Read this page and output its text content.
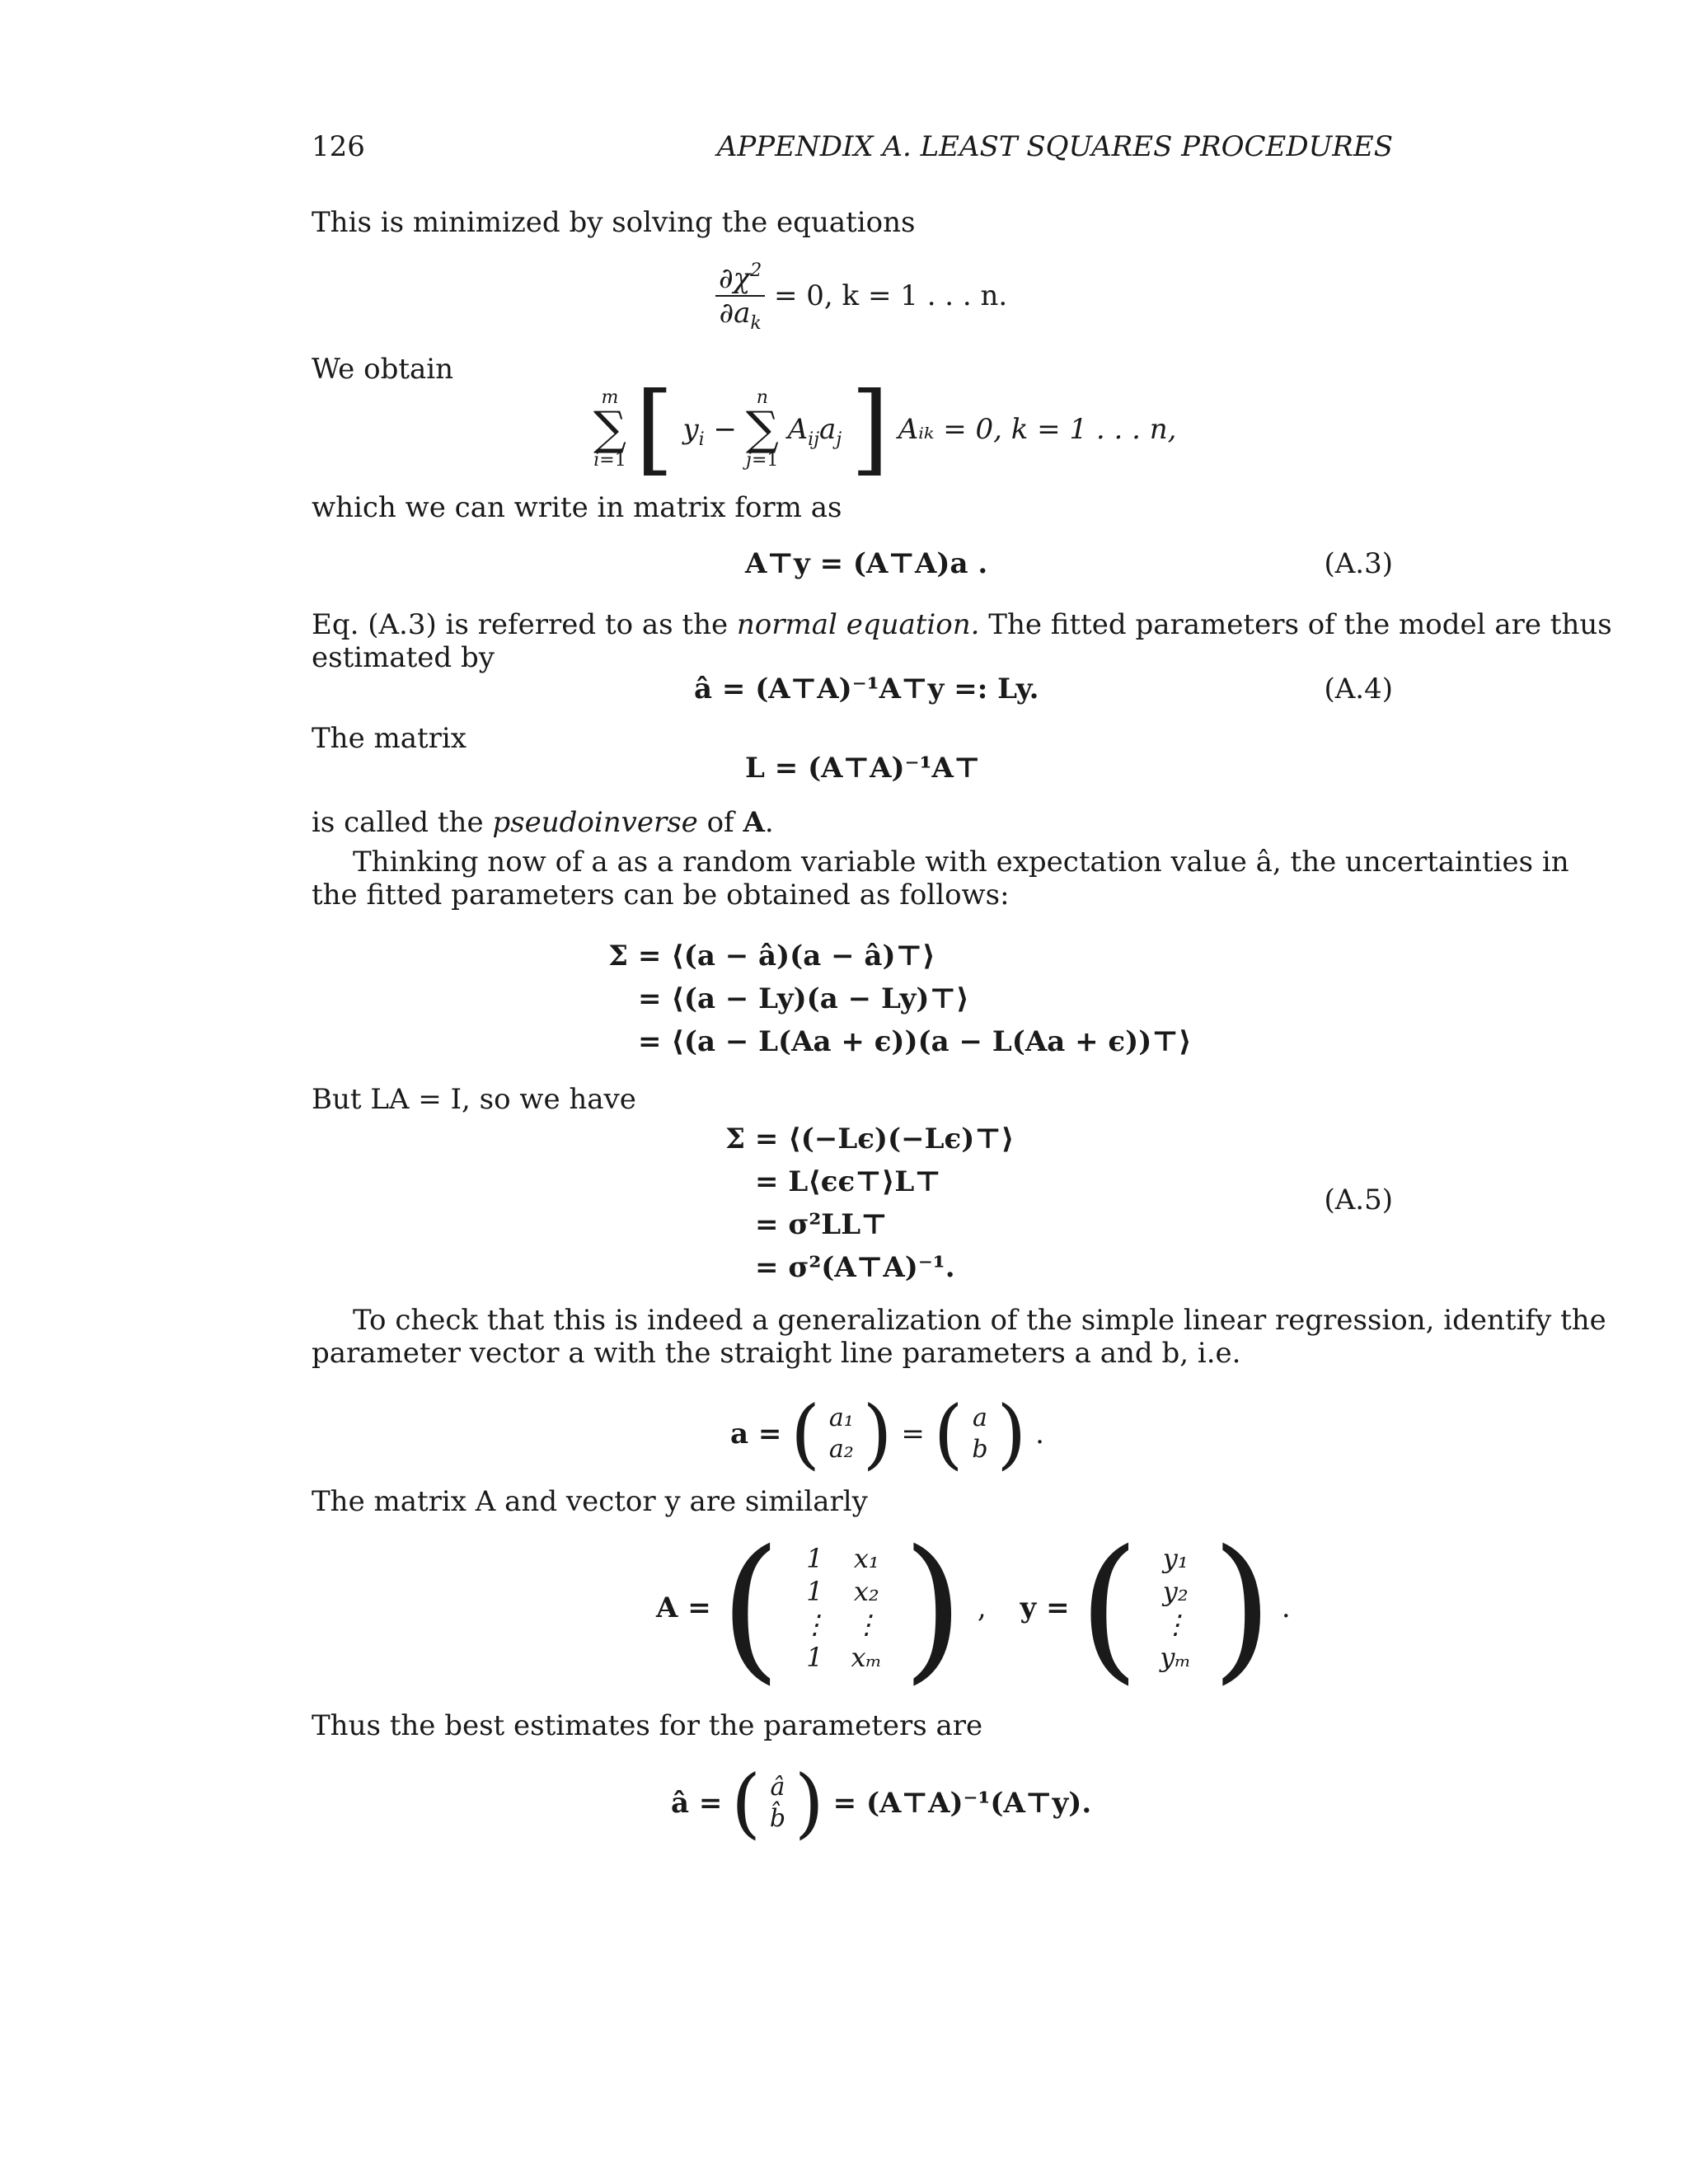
126	APPENDIX A. LEAST SQUARES PROCEDURES
This is minimized by solving the equations
$\frac{\partial\chi^2}{\partial a_k} = 0$, k = 1 . . . n.
We obtain
m
∑
i=1 [ $y_i - n$
∑
j=1 $A_{ij}a_j$ ] Aᵢₖ = 0, k = 1 . . . n,
which we can write in matrix form as
A⊤y = (A⊤A)a .	(A.3)
Eq. (A.3) is referred to as the normal equation. The fitted parameters of the model are thus
estimated by
â = (A⊤A)⁻¹A⊤y =: Ly.	(A.4)
The matrix
L = (A⊤A)⁻¹A⊤
is called the pseudoinverse of A.
Thinking now of a as a random variable with expectation value â, the uncertainties in
the fitted parameters can be obtained as follows:
Σ = ⟨(a − â)(a − â)⊤⟩
= ⟨(a − Ly)(a − Ly)⊤⟩
= ⟨(a − L(Aa + ϵ))(a − L(Aa + ϵ))⊤⟩
But LA = I, so we have
Σ = ⟨(−Lϵ)(−Lϵ)⊤⟩
= L⟨ϵϵ⊤⟩L⊤
= σ²LL⊤
= σ²(A⊤A)⁻¹.
(A.5)
To check that this is indeed a generalization of the simple linear regression, identify the
parameter vector a with the straight line parameters a and b, i.e.
a = ( a₁
a₂ ) = ( a
b ) .
The matrix A and vector y are similarly
A = ( 1	x₁
1	x₂
⋮	⋮
1	xₘ ) , y = ( y₁
y₂
⋮
yₘ ) .
Thus the best estimates for the parameters are
â = ( â
b̂ ) = (A⊤A)⁻¹(A⊤y).
